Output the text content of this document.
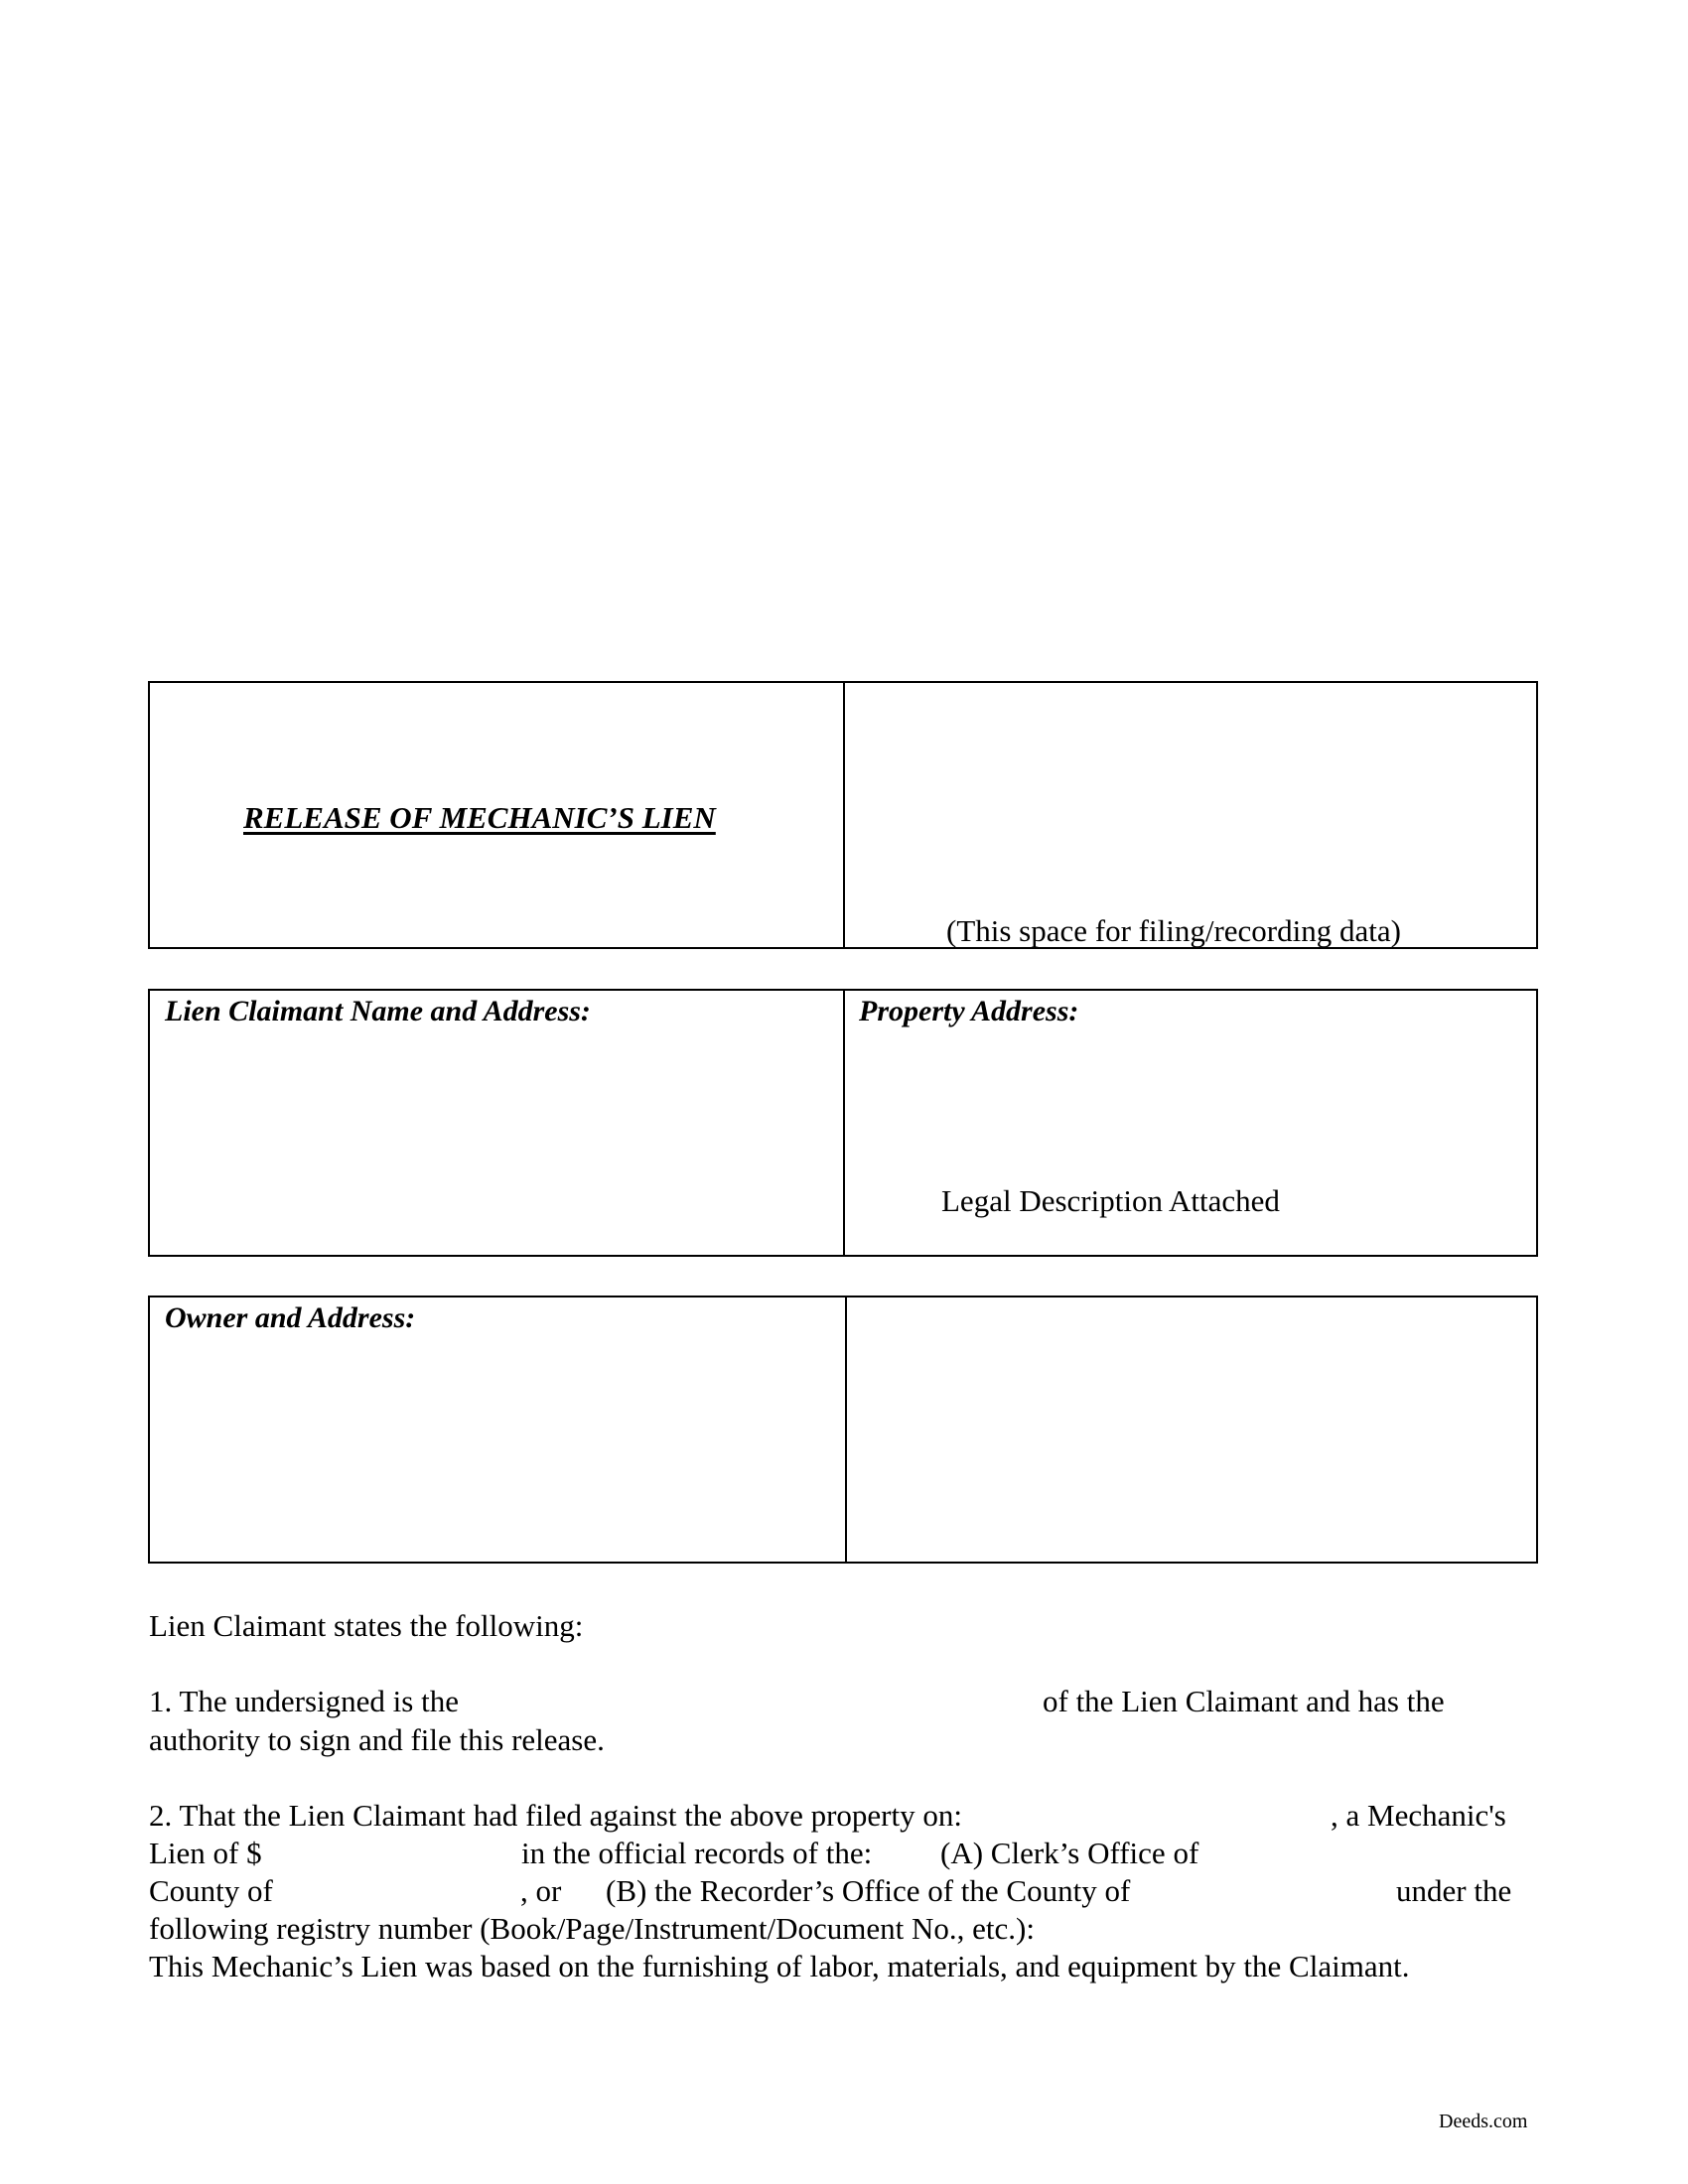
RELEASE OF MECHANIC’S LIEN
(This space for filing/recording data)
Lien Claimant Name and Address:	Property Address:
Legal Description Attached
Owner and Address:
Lien Claimant states the following:
1. The undersigned is the	of the Lien Claimant and has the
authority to sign and file this release.
2. That the Lien Claimant had filed against the above property on:	, a Mechanic's
Lien of $	in the official records of the: (A) Clerk’s Office of
County of	, or (B) the Recorder’s Office of the County of	under the
following registry number (Book/Page/Instrument/Document No., etc.):
This Mechanic’s Lien was based on the furnishing of labor, materials, and equipment by the Claimant.
Deeds.com
